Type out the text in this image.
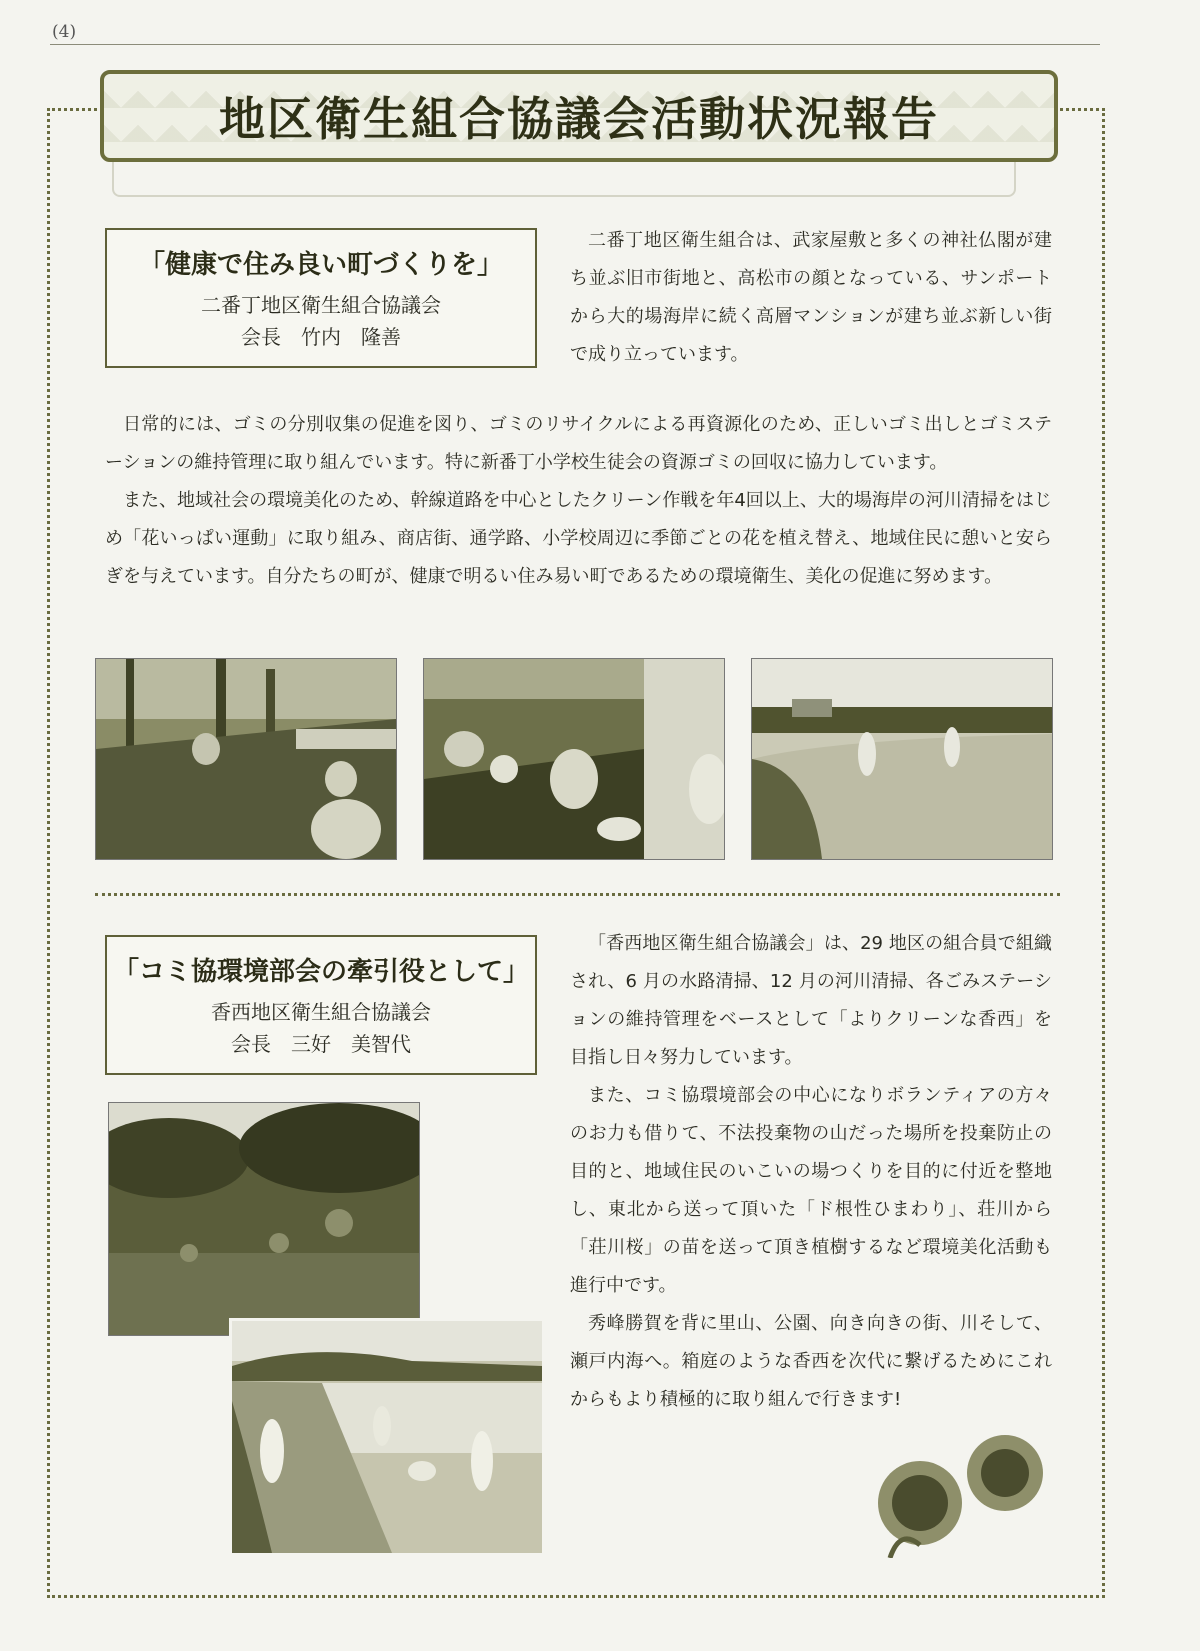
(4)
地区衛生組合協議会活動状況報告
「健康で住み良い町づくりを」
二番丁地区衛生組合協議会
会長　竹内　隆善

二番丁地区衛生組合は、武家屋敷と多くの神社仏閣が建ち並ぶ旧市街地と、高松市の顔となっている、サンポートから大的場海岸に続く高層マンションが建ち並ぶ新しい街で成り立っています。

日常的には、ゴミの分別収集の促進を図り、ゴミのリサイクルによる再資源化のため、正しいゴミ出しとゴミステーションの維持管理に取り組んでいます。特に新番丁小学校生徒会の資源ゴミの回収に協力しています。

また、地域社会の環境美化のため、幹線道路を中心としたクリーン作戦を年4回以上、大的場海岸の河川清掃をはじめ「花いっぱい運動」に取り組み、商店街、通学路、小学校周辺に季節ごとの花を植え替え、地域住民に憩いと安らぎを与えています。自分たちの町が、健康で明るい住み易い町であるための環境衛生、美化の促進に努めます。

「コミ協環境部会の牽引役として」
香西地区衛生組合協議会
会長　三好　美智代

「香西地区衛生組合協議会」は、29 地区の組合員で組織され、6 月の水路清掃、12 月の河川清掃、各ごみステーションの維持管理をベースとして「よりクリーンな香西」を目指し日々努力しています。

また、コミ協環境部会の中心になりボランティアの方々のお力も借りて、不法投棄物の山だった場所を投棄防止の目的と、地域住民のいこいの場つくりを目的に付近を整地し、東北から送って頂いた「ド根性ひまわり」、荘川から「荘川桜」の苗を送って頂き植樹するなど環境美化活動も進行中です。

秀峰勝賀を背に里山、公園、向き向きの街、川そして、瀬戸内海へ。箱庭のような香西を次代に繋げるためにこれからもより積極的に取り組んで行きます!
